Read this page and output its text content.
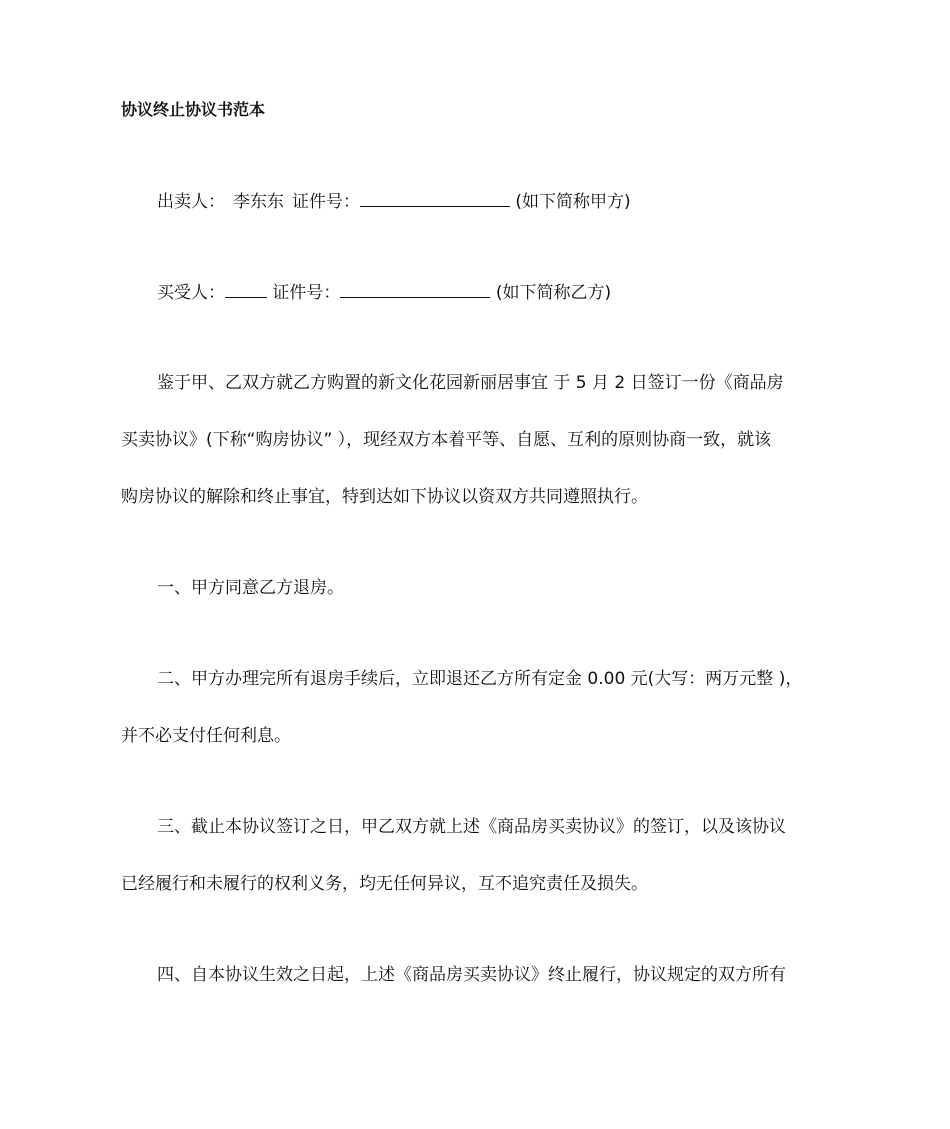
协议终止协议书范本
出卖人： 李东东 证件号：	(如下简称甲方)
买受人：	证件号：	(如下简称乙方)
鉴于甲、乙双方就乙方购置的新文化花园新丽居事宜 于 5 月 2 日签订一份《商品房
买卖协议》(下称“购房协议” ），现经双方本着平等、自愿、互利的原则协商一致，就该
购房协议的解除和终止事宜，特到达如下协议以资双方共同遵照执行。
一、甲方同意乙方退房。
二、甲方办理完所有退房手续后，立即退还乙方所有定金 0.00 元(大写：两万元整 )，
并不必支付任何利息。
三、截止本协议签订之日，甲乙双方就上述《商品房买卖协议》的签订，以及该协议
已经履行和未履行的权利义务，均无任何异议，互不追究责任及损失。
四、自本协议生效之日起，上述《商品房买卖协议》终止履行，协议规定的双方所有
